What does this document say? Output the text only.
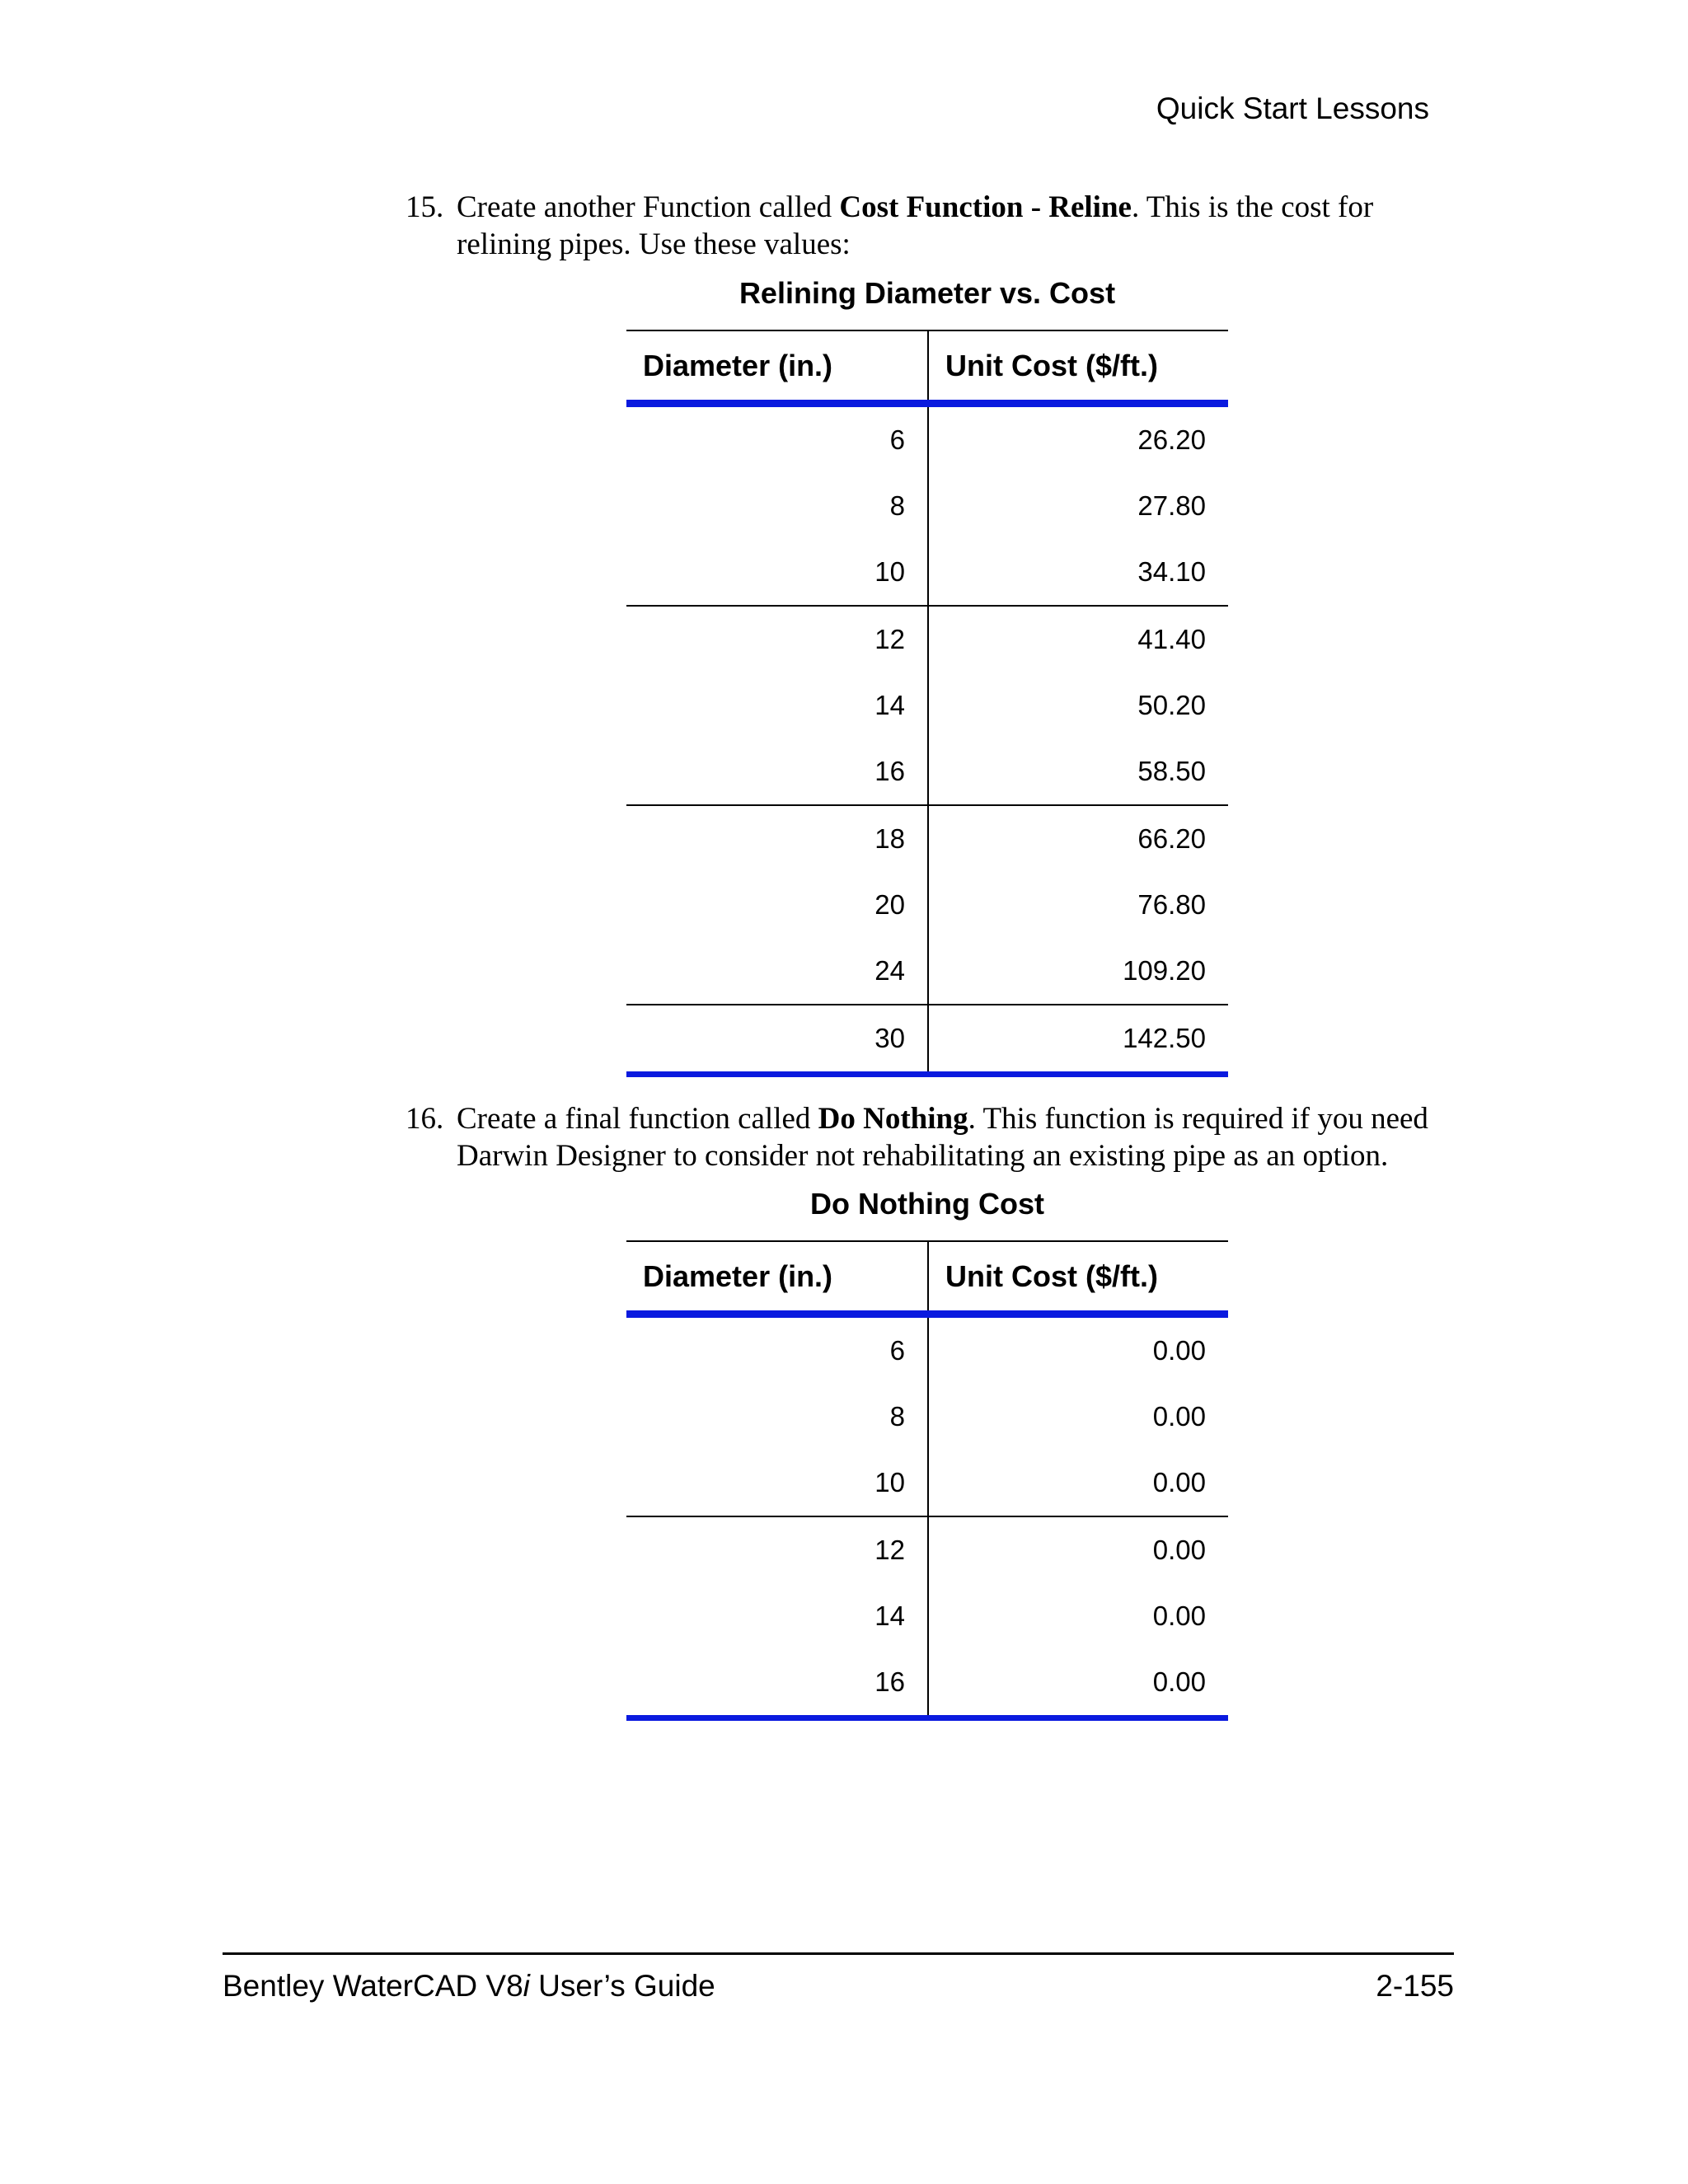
Quick Start Lessons
15. Create another Function called Cost Function - Reline. This is the cost for relining pipes. Use these values:
Relining Diameter vs. Cost
Diameter (in.)	Unit Cost ($/ft.)
6	26.20
8	27.80
10	34.10
12	41.40
14	50.20
16	58.50
18	66.20
20	76.80
24	109.20
30	142.50
16. Create a final function called Do Nothing. This function is required if you need Darwin Designer to consider not rehabilitating an existing pipe as an option.
Do Nothing Cost
Diameter (in.)	Unit Cost ($/ft.)
6	0.00
8	0.00
10	0.00
12	0.00
14	0.00
16	0.00
Bentley WaterCAD V8i User’s Guide	2-155
